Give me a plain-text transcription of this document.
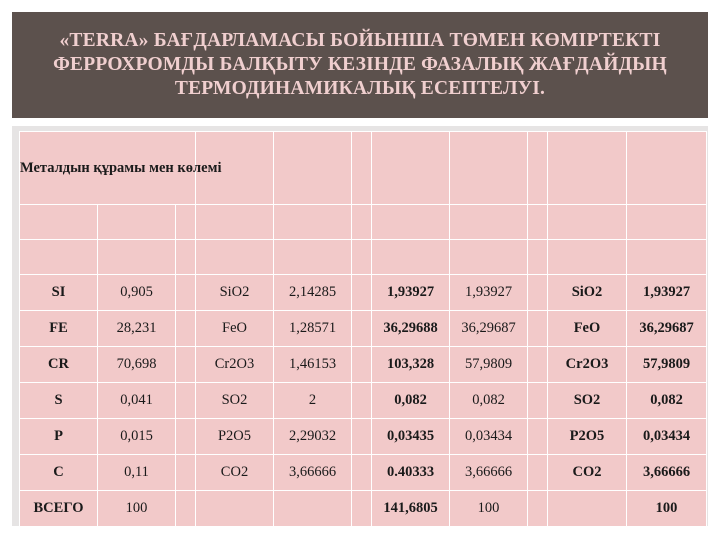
«TERRA» БАҒДАРЛАМАСЫ БОЙЫНША ТӨМЕН КӨМІРТЕКТІ ФЕРРОХРОМДЫ БАЛҚЫТУ КЕЗІНДЕ ФАЗАЛЫҚ ЖАҒДАЙДЫҢ ТЕРМОДИНАМИКАЛЫҚ ЕСЕПТЕЛУІ.
Металдын құрамы мен көлемі										

SI	0,905		SiO2	2,14285		1,93927	1,93927		SiO2	1,93927
FE	28,231		FeO	1,28571		36,29688	36,29687		FeO	36,29687
CR	70,698		Cr2O3	1,46153		103,328	57,9809		Cr2O3	57,9809
S	0,041		SO2	2		0,082	0,082		SO2	0,082
P	0,015		P2O5	2,29032		0,03435	0,03434		P2O5	0,03434
C	0,11		CO2	3,66666		0.40333	3,66666		CO2	3,66666
ВСЕГО	100					141,6805	100			100
